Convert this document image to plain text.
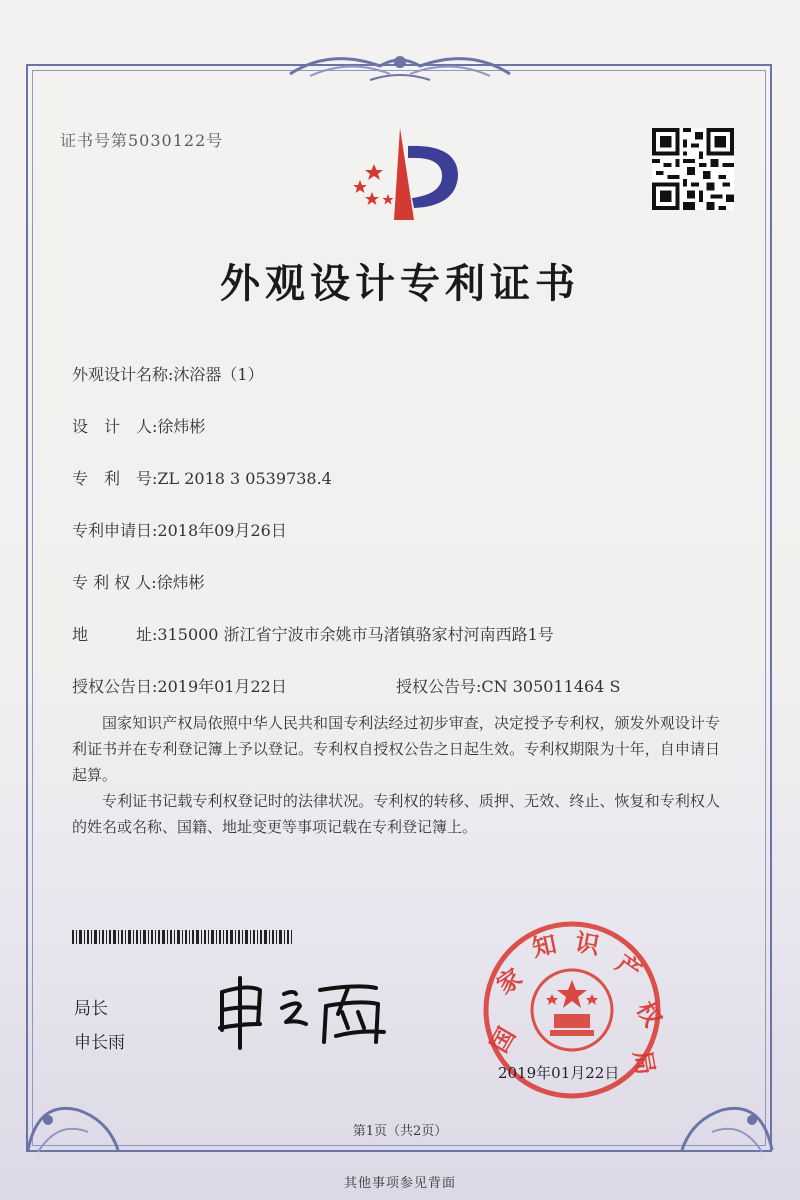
证书号第5030122号
外观设计专利证书
外观设计名称:沐浴器（1）
设　计　人:徐炜彬
专　利　号:ZL 2018 3 0539738.4
专利申请日:2018年09月26日
专 利 权 人:徐炜彬
地　　　址:315000 浙江省宁波市余姚市马渚镇骆家村河南西路1号
授权公告日:2019年01月22日	授权公告号:CN 305011464 S
国家知识产权局依照中华人民共和国专利法经过初步审查，决定授予专利权，颁发外观设计专利证书并在专利登记簿上予以登记。专利权自授权公告之日起生效。专利权期限为十年，自申请日起算。
专利证书记载专利权登记时的法律状况。专利权的转移、质押、无效、终止、恢复和专利权人的姓名或名称、国籍、地址变更等事项记载在专利登记簿上。
局长
申长雨	国
家
知 识
产
权
局
2019年01月22日
第1页（共2页）
其他事项参见背面
